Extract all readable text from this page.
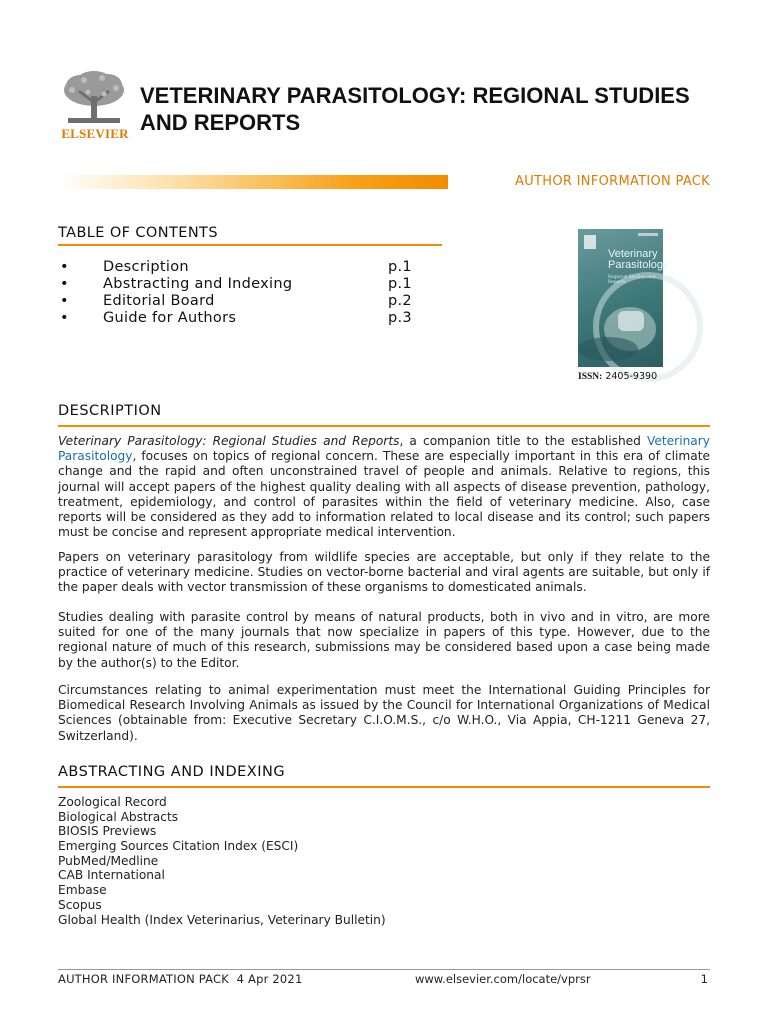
ELSEVIER
VETERINARY PARASITOLOGY: REGIONAL STUDIES AND REPORTS
AUTHOR INFORMATION PACK
TABLE OF CONTENTS
• Description	p.1
• Abstracting and Indexing	p.1
• Editorial Board	p.2
• Guide for Authors	p.3
Veterinary Parasitology:
Regional Studies and Reports
ISSN: 2405-9390
DESCRIPTION
Veterinary Parasitology: Regional Studies and Reports, a companion title to the established Veterinary Parasitology, focuses on topics of regional concern. These are especially important in this era of climate change and the rapid and often unconstrained travel of people and animals. Relative to regions, this journal will accept papers of the highest quality dealing with all aspects of disease prevention, pathology, treatment, epidemiology, and control of parasites within the field of veterinary medicine. Also, case reports will be considered as they add to information related to local disease and its control; such papers must be concise and represent appropriate medical intervention.
Papers on veterinary parasitology from wildlife species are acceptable, but only if they relate to the practice of veterinary medicine. Studies on vector-borne bacterial and viral agents are suitable, but only if the paper deals with vector transmission of these organisms to domesticated animals.
Studies dealing with parasite control by means of natural products, both in vivo and in vitro, are more suited for one of the many journals that now specialize in papers of this type. However, due to the regional nature of much of this research, submissions may be considered based upon a case being made by the author(s) to the Editor.
Circumstances relating to animal experimentation must meet the International Guiding Principles for Biomedical Research Involving Animals as issued by the Council for International Organizations of Medical Sciences (obtainable from: Executive Secretary C.I.O.M.S., c/o W.H.O., Via Appia, CH-1211 Geneva 27, Switzerland).
ABSTRACTING AND INDEXING
Zoological Record
Biological Abstracts
BIOSIS Previews
Emerging Sources Citation Index (ESCI)
PubMed/Medline
CAB International
Embase
Scopus
Global Health (Index Veterinarius, Veterinary Bulletin)
AUTHOR INFORMATION PACK  4 Apr 2021	www.elsevier.com/locate/vprsr	1
